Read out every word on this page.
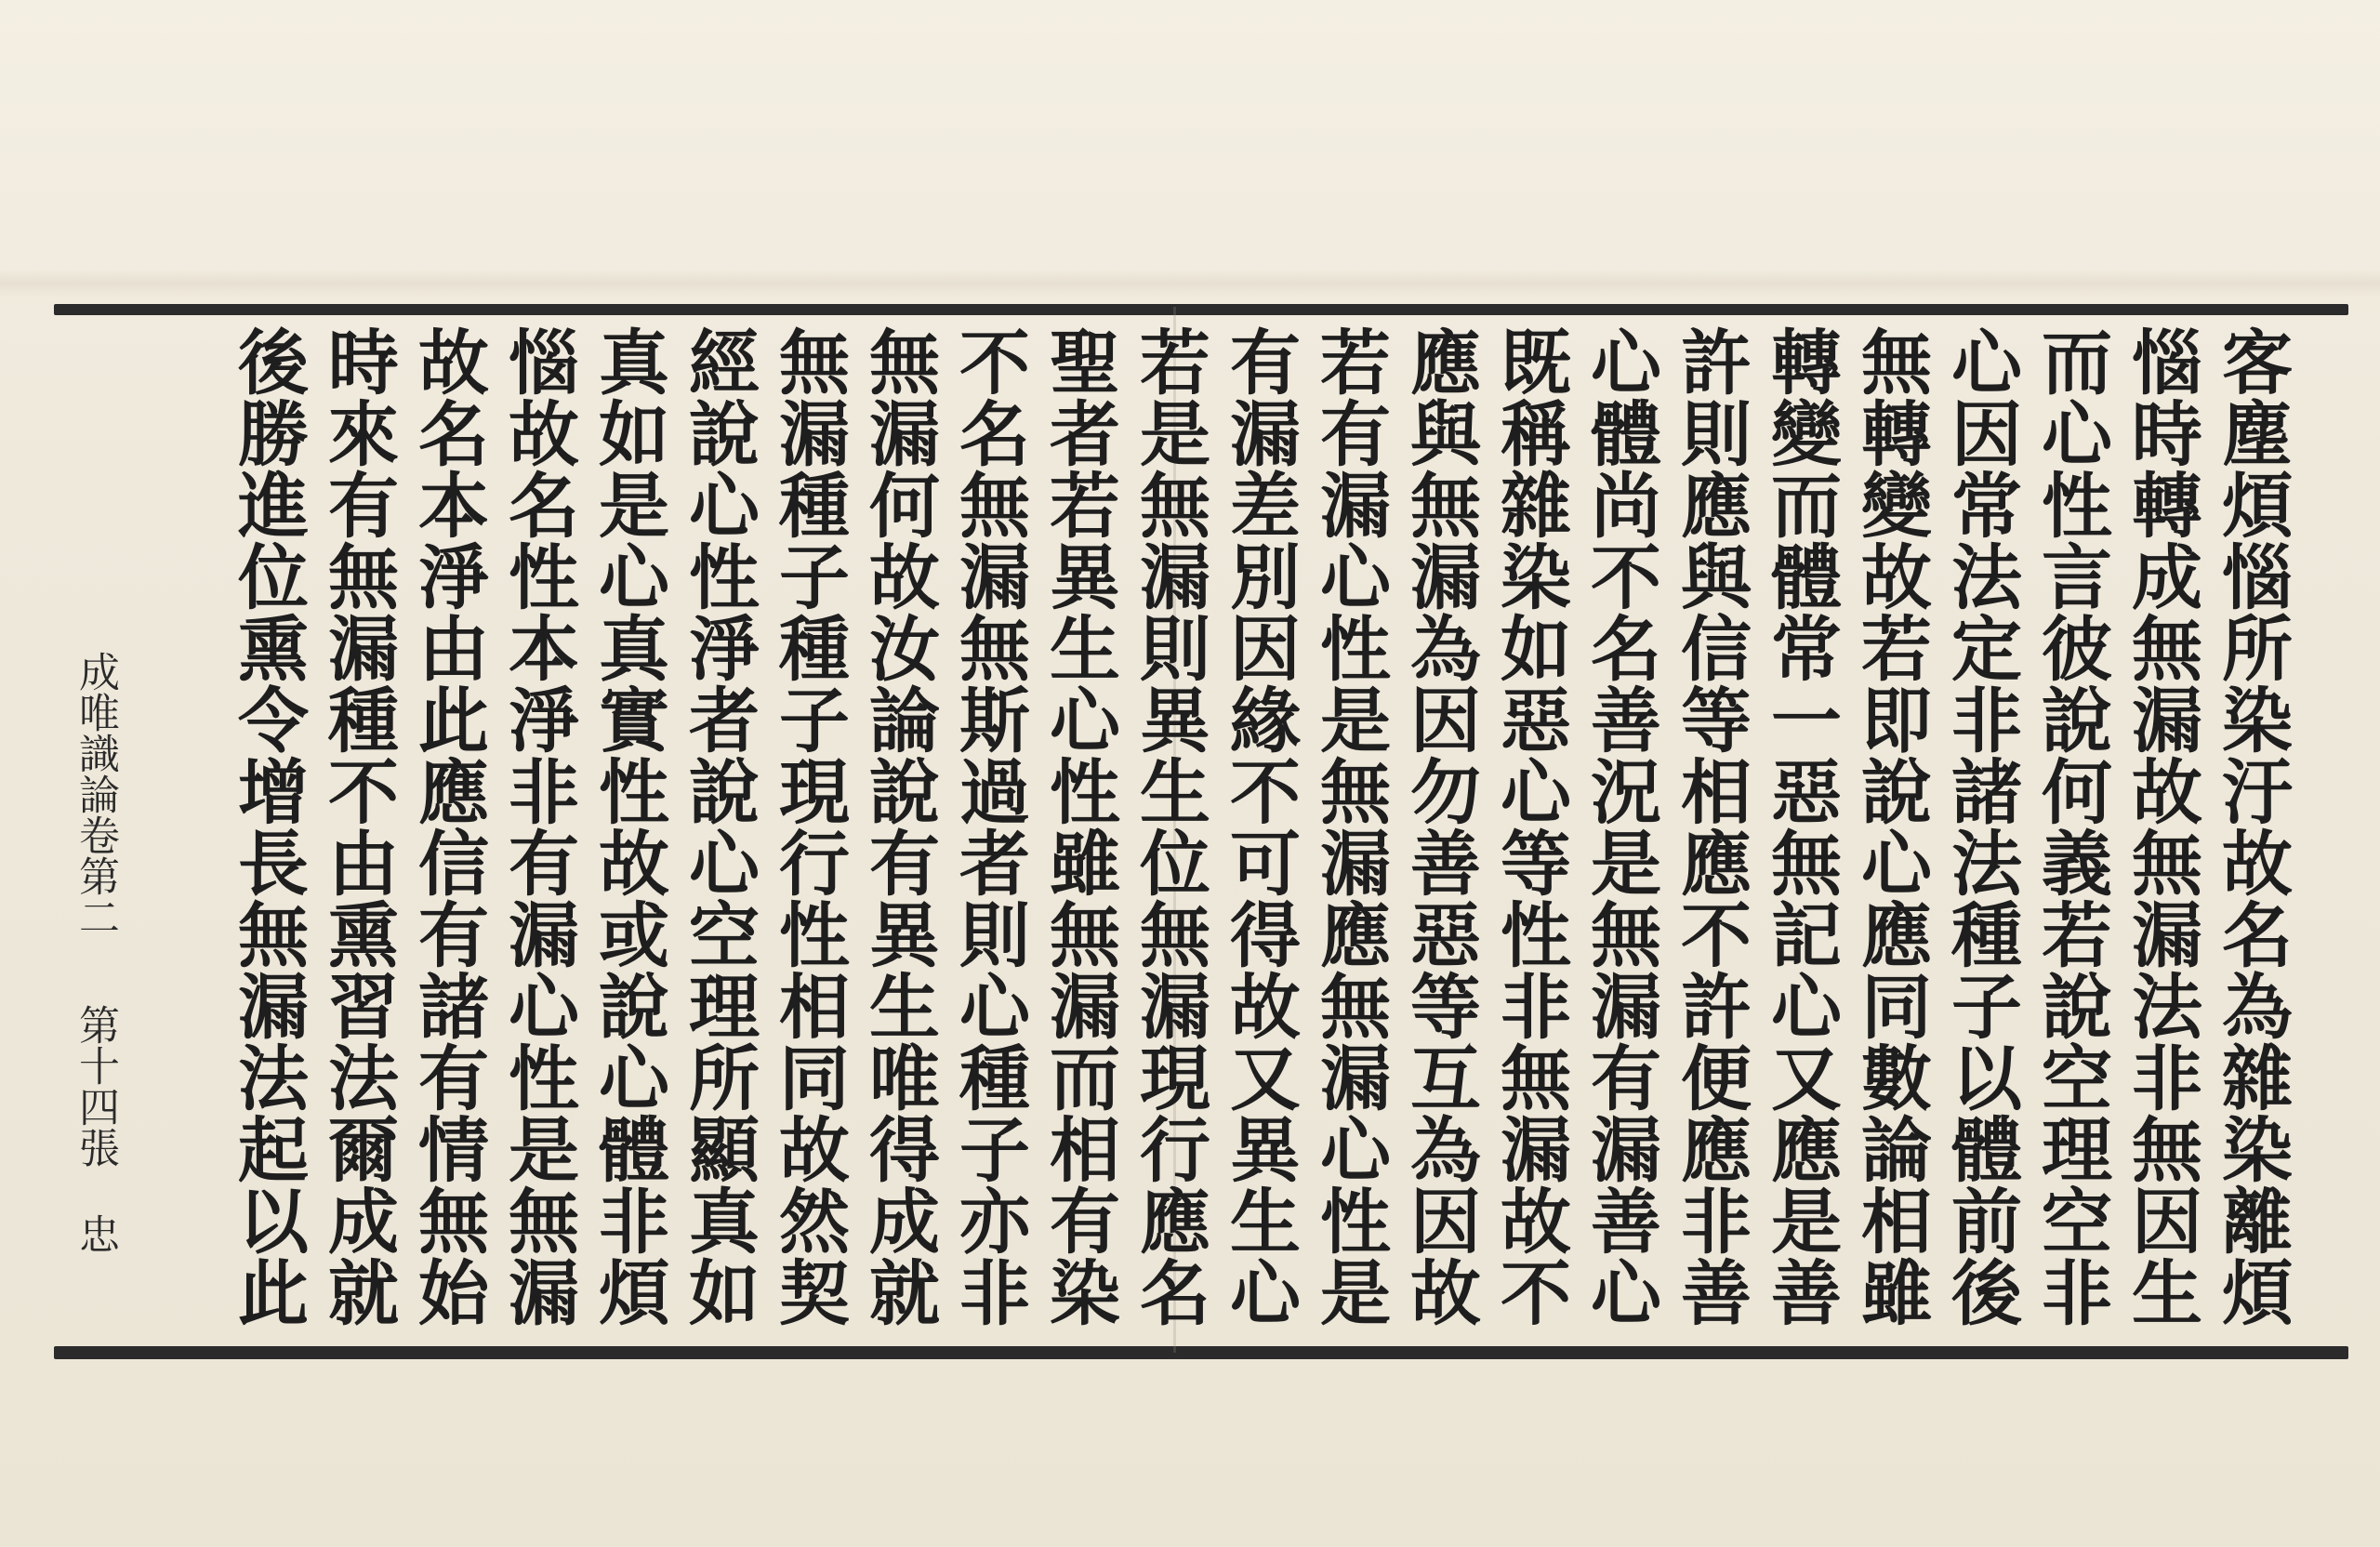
客塵煩惱所染汙故名為雜染離煩
惱時轉成無漏故無漏法非無因生
而心性言彼說何義若說空理空非
心因常法定非諸法種子以體前後
無轉變故若即說心應同數論相雖
轉變而體常一惡無記心又應是善
許則應與信等相應不許便應非善
心體尚不名善況是無漏有漏善心
既稱雜染如惡心等性非無漏故不
應與無漏為因勿善惡等互為因故
若有漏心性是無漏應無漏心性是
有漏差別因緣不可得故又異生心
若是無漏則異生位無漏現行應名
聖者若異生心性雖無漏而相有染
不名無漏無斯過者則心種子亦非
無漏何故汝論說有異生唯得成就
無漏種子種子現行性相同故然契
經說心性淨者說心空理所顯真如
真如是心真實性故或說心體非煩
惱故名性本淨非有漏心性是無漏
故名本淨由此應信有諸有情無始
時來有無漏種不由熏習法爾成就
後勝進位熏令增長無漏法起以此
成唯識論卷第二
第十四張
忠
